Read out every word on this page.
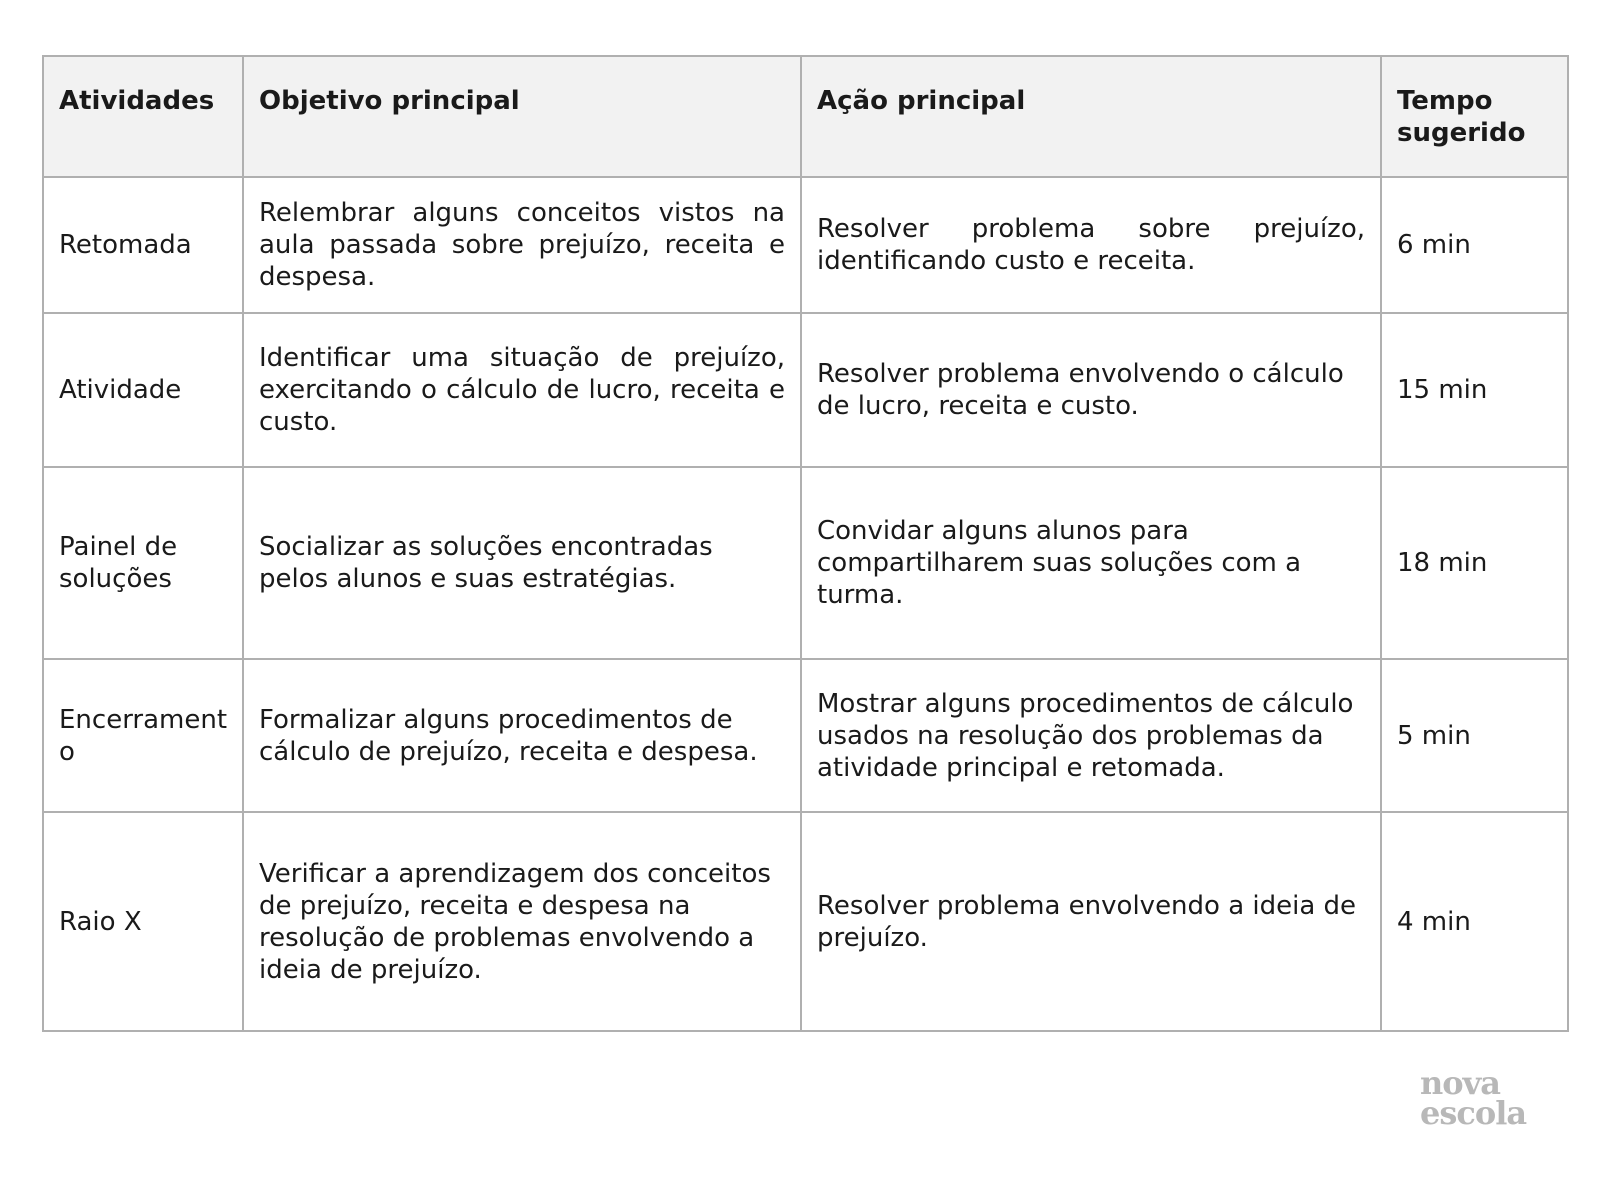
Atividades	Objetivo principal	Ação principal	Tempo sugerido
Retomada	Relembrar alguns conceitos vistos na aula passada sobre prejuízo, receita e despesa.	Resolver problema sobre prejuízo, identificando custo e receita.	6 min
Atividade	Identificar uma situação de prejuízo, exercitando o cálculo de lucro, receita e custo.	Resolver problema envolvendo o cálculo de lucro, receita e custo.	15 min
Painel de soluções	Socializar as soluções encontradas pelos alunos e suas estratégias.	Convidar alguns alunos para compartilharem suas soluções com a turma.	18 min
Encerrament o	Formalizar alguns procedimentos de cálculo de prejuízo, receita e despesa.	Mostrar alguns procedimentos de cálculo usados na resolução dos problemas da atividade principal e retomada.	5 min
Raio X	Verificar a aprendizagem dos conceitos de prejuízo, receita e despesa na resolução de problemas envolvendo a ideia de prejuízo.	Resolver problema envolvendo a ideia de prejuízo.	4 min
nova
escola
